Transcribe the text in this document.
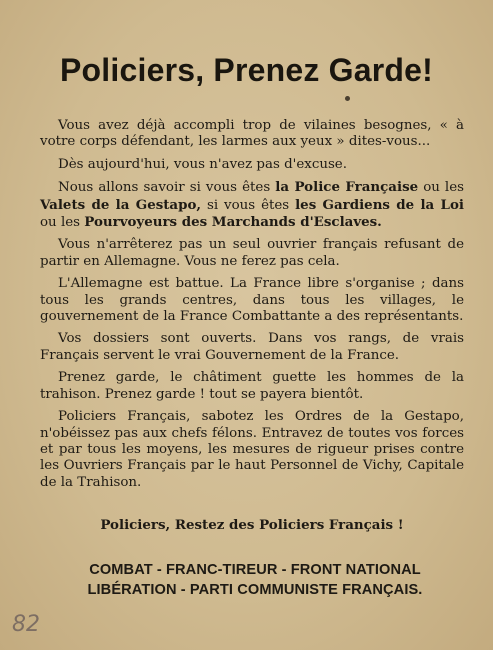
Policiers, Prenez Garde!

Vous avez déjà accompli trop de vilaines besognes, « à votre corps défendant, les larmes aux yeux » dites-vous...

Dès aujourd'hui, vous n'avez pas d'excuse.

Nous allons savoir si vous êtes la Police Française ou les Valets de la Gestapo, si vous êtes les Gardiens de la Loi ou les Pourvoyeurs des Marchands d'Esclaves.

Vous n'arrêterez pas un seul ouvrier français refusant de partir en Allemagne. Vous ne ferez pas cela.

L'Allemagne est battue. La France libre s'organise ; dans tous les grands centres, dans tous les villages, le gouvernement de la France Combattante a des représentants.

Vos dossiers sont ouverts. Dans vos rangs, de vrais Français servent le vrai Gouvernement de la France.

Prenez garde, le châtiment guette les hommes de la trahison. Prenez garde ! tout se payera bientôt.

Policiers Français, sabotez les Ordres de la Gestapo, n'obéissez pas aux chefs félons. Entravez de toutes vos forces et par tous les moyens, les mesures de rigueur prises contre les Ouvriers Français par le haut Personnel de Vichy, Capitale de la Trahison.

Policiers, Restez des Policiers Français !
COMBAT - FRANC-TIREUR - FRONT NATIONAL
LIBÉRATION - PARTI COMMUNISTE FRANÇAIS.
82
